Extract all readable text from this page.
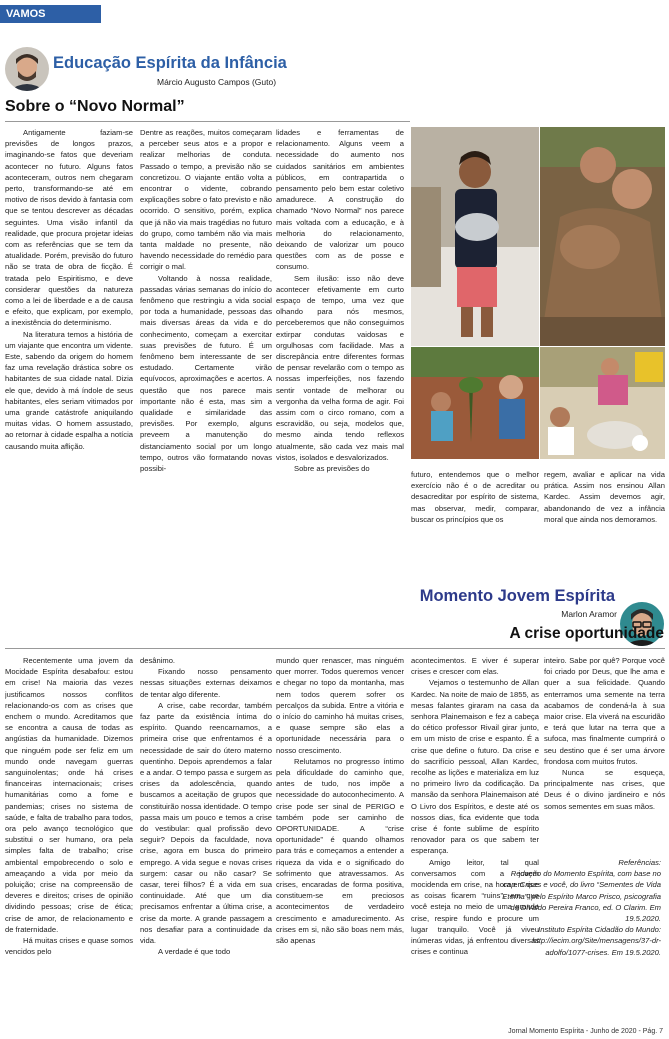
VAMOS ESTUDAR
Educação Espírita da Infância
Márcio Augusto Campos (Guto)
Sobre o “Novo Normal”

Antigamente faziam-se previsões de longos prazos, imaginando-se fatos que deveriam acontecer no futuro. Alguns fatos aconteceram, outros nem chegaram perto, transformando-se até em motivo de risos devido à fantasia com que se tentou descrever as décadas seguintes. Uma visão infantil da realidade, que procura projetar ideias com as referências que se tem da atualidade. Porém, previsão do futuro não se trata de obra de ficção. É tratada pelo Espiritismo, e deve considerar questões da natureza como a lei de liberdade e a de causa e efeito, que explicam, por exemplo, a inexistência do determinismo.

Na literatura temos a história de um viajante que encontra um vidente. Este, sabendo da origem do homem faz uma revelação drástica sobre os habitantes de sua cidade natal. Dizia ele que, devido à má índole de seus habitantes, eles seriam vitimados por uma grande catástrofe aniquilando muitas vidas. O homem assustado, ao retornar à cidade espalha a notícia causando muita aflição.

Dentre as reações, muitos começaram a perceber seus atos e a propor e realizar melhorias de conduta. Passado o tempo, a previsão não se concretizou. O viajante então volta a encontrar o vidente, cobrando explicações sobre o fato previsto e não ocorrido. O sensitivo, porém, explica que já não via mais tragédias no futuro do grupo, como também não via mais tanta maldade no presente, não havendo necessidade do remédio para corrigir o mal.

Voltando à nossa realidade, passadas várias semanas do início do fenômeno que restringiu a vida social por toda a humanidade, pessoas das mais diversas áreas da vida e do conhecimento, começam a exercitar suas previsões de futuro. É um fenômeno bem interessante de ser estudado. Certamente virão equívocos, aproximações e acertos. A questão que nos parece mais importante não é esta, mas sim a qualidade e similaridade das previsões. Por exemplo, alguns preveem a manutenção do distanciamento social por um longo tempo, outros vão formatando novas possibi-

lidades e ferramentas de relacionamento. Alguns veem a necessidade do aumento nos cuidados sanitários em ambientes públicos, em contrapartida o pensamento pelo bem estar coletivo amadurece. A construção do chamado “Novo Normal” nos parece mais voltada com a educação, e à melhoria do relacionamento, deixando de valorizar um pouco questões com as de posse e consumo.

Sem ilusão: isso não deve acontecer efetivamente em curto espaço de tempo, uma vez que olhando para nós mesmos, perceberemos que não conseguimos extirpar condutas vaidosas e orgulhosas com facilidade. Mas a discrepância entre diferentes formas de pensar revelarão com o tempo as nossas imperfeições, nos fazendo sentir vontade de melhorar ou vergonha da velha forma de agir. Foi assim com o circo romano, com a escravidão, ou seja, modelos que, mesmo ainda tendo reflexos atualmente, são cada vez mais mal vistos, isolados e desvalorizados.

Sobre as previsões do

futuro, entendemos que o melhor exercício não é o de acreditar ou desacreditar por espírito de sistema, mas observar, medir, comparar, buscar os princípios que os

regem, avaliar e aplicar na vida prática. Assim nos ensinou Allan Kardec. Assim devemos agir, abandonando de vez a infância moral que ainda nos demoramos.

Momento Jovem Espírita
Marlon Aramor
A crise oportunidade

Recentemente uma jovem da Mocidade Espírita desabafou: estou em crise! Na maioria das vezes justificamos nossos conflitos relacionando-os com as crises que enchem o mundo. Acreditamos que se encontra a causa de todas as angústias da humanidade. Dizemos que ninguém pode ser feliz em um mundo onde navegam guerras sanguinolentas; onde há crises financeiras internacionais; crises humanitárias como a fome e pandemias; crises no sistema de saúde, e falta de trabalho para todos, ora pelo avanço tecnológico que substitui o ser humano, ora pela simples falta de trabalho; crise ambiental empobrecendo o solo e ameaçando a vida por meio da poluição; crise na compreensão de deveres e direitos; crises de opinião dividindo pessoas; crise de ética; crise de amor, de relacionamento e de fraternidade.

Há muitas crises e quase somos vencidos pelo

desânimo.

Fixando nosso pensamento nessas situações externas deixamos de tentar algo diferente.

A crise, cabe recordar, também faz parte da existência íntima do espírito. Quando reencarnamos, a primeira crise que enfrentamos é a necessidade de sair do útero materno quentinho. Depois aprendemos a falar e a andar. O tempo passa e surgem as crises da adolescência, quando buscamos a aceitação de grupos que constituirão nossa identidade. O tempo passa mais um pouco e temos a crise do vestibular: qual profissão devo seguir? Depois da faculdade, nova crise, agora em busca do primeiro emprego. A vida segue e novas crises surgem: casar ou não casar? Se casar, terei filhos? É a vida em sua continuidade. Até que um dia precisamos enfrentar a última crise, a crise da morte. A grande passagem a nos desafiar para a continuidade da vida.

A verdade é que todo

mundo quer renascer, mas ninguém quer morrer. Todos queremos vencer e chegar no topo da montanha, mas nem todos querem sofrer os percalços da subida. Entre a vitória e o início do caminho há muitas crises, e quase sempre são elas a oportunidade necessária para o nosso crescimento.

Relutamos no progresso íntimo pela dificuldade do caminho que, antes de tudo, nos impõe a necessidade do autoconhecimento. A crise pode ser sinal de PERIGO e também pode ser caminho de OPORTUNIDADE. A “crise oportunidade” é quando olhamos para trás e começamos a entender a riqueza da vida e o significado do sofrimento que atravessamos. As crises, encaradas de forma positiva, constituem-se em preciosos acontecimentos de verdadeiro crescimento e amadurecimento. As crises em si, não são boas nem más, são apenas

acontecimentos. E viver é superar crises e crescer com elas.

Vejamos o testemunho de Allan Kardec. Na noite de maio de 1855, as mesas falantes giraram na casa da senhora Plainemaison e fez a cabeça do cético professor Rivail girar junto, em um misto de crise e espanto. É a crise que define o futuro. Da crise e do sacrifício pessoal, Allan Kardec, recolhe as lições e materializa em luz no primeiro livro da codificação. Da mansão da senhora Plainemaison até O Livro dos Espíritos, e deste até os nossos dias, fica evidente que toda crise é fonte sublime de espírito renovador para os que sabem ter esperança.

Amigo leitor, tal qual conversamos com a jovem mocidenda em crise, na hora em que as coisas ficarem “ruins”, em que você esteja no meio de uma grande crise, respire fundo e procure um lugar tranquilo. Você já viveu inúmeras vidas, já enfrentou diversas crises e continua

inteiro. Sabe por quê? Porque você foi criado por Deus, que lhe ama e quer a sua felicidade. Quando enterramos uma semente na terra acabamos de condená-la à sua maior crise. Ela viverá na escuridão e terá que lutar na terra que a sufoca, mas finalmente cumprirá o seu destino que é ser uma árvore frondosa com muitos frutos.

Nunca se esqueça, principalmente nas crises, que Deus é o divino jardineiro e nós somos sementes em suas mãos.

Referências:
Redação do Momento Espírita, com base no cap. Crises e você, do livro “Sementes de Vida Eterna”, pelo Espírito Marco Prisco, psicografia de Divaldo Pereira Franco, ed. O Clarim. Em 19.5.2020.
Instituto Espírita Cidadão do Mundo: http://iecim.org/Site/mensagens/37-dr-adolfo/1077-crises. Em 19.5.2020.
Jornal Momento Espírita - Junho de 2020 - Pág. 7
